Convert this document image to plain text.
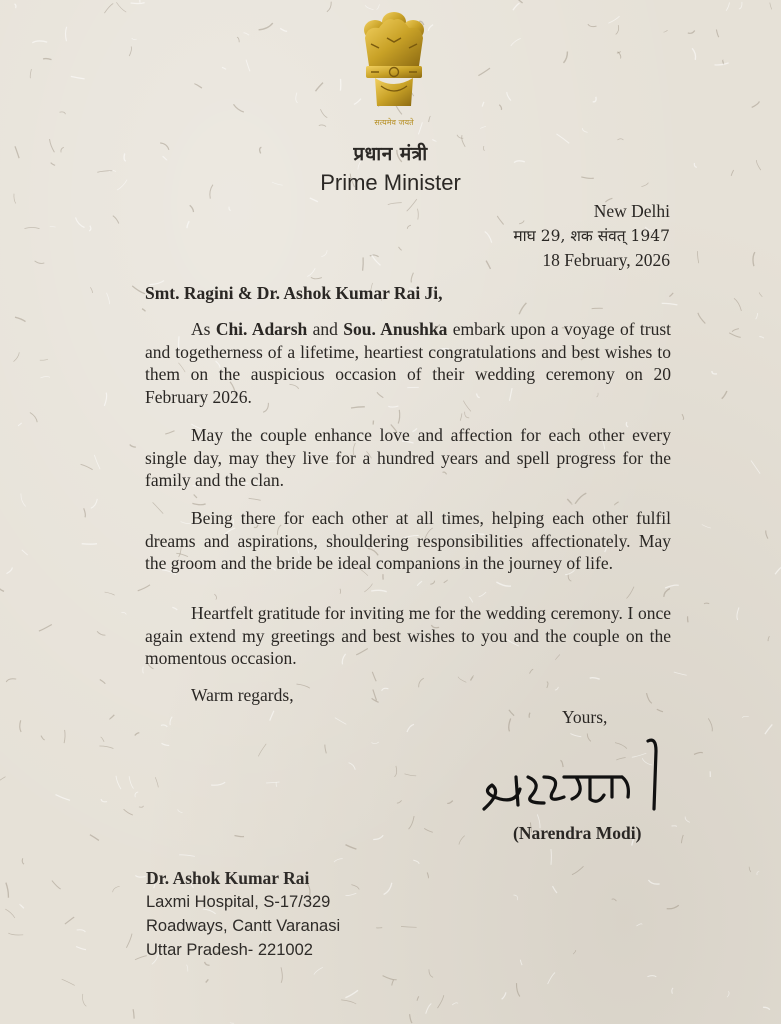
सत्यमेव जयते
प्रधान मंत्री
Prime Minister
New Delhi
माघ 29, शक संवत् 1947
18 February, 2026
Smt. Ragini & Dr. Ashok Kumar Rai Ji,

As Chi. Adarsh and Sou. Anushka embark upon a voyage of trust and togetherness of a lifetime, heartiest congratulations and best wishes to them on the auspicious occasion of their wedding ceremony on 20 February 2026.

May the couple enhance love and affection for each other every single day, may they live for a hundred years and spell progress for the family and the clan.

Being there for each other at all times, helping each other fulfil dreams and aspirations, shouldering responsibilities affectionately. May the groom and the bride be ideal companions in the journey of life.

Heartfelt gratitude for inviting me for the wedding ceremony. I once again extend my greetings and best wishes to you and the couple on the momentous occasion.

Warm regards,
Yours,
(Narendra Modi)
Dr. Ashok Kumar Rai
Laxmi Hospital, S-17/329
Roadways, Cantt Varanasi
Uttar Pradesh- 221002
